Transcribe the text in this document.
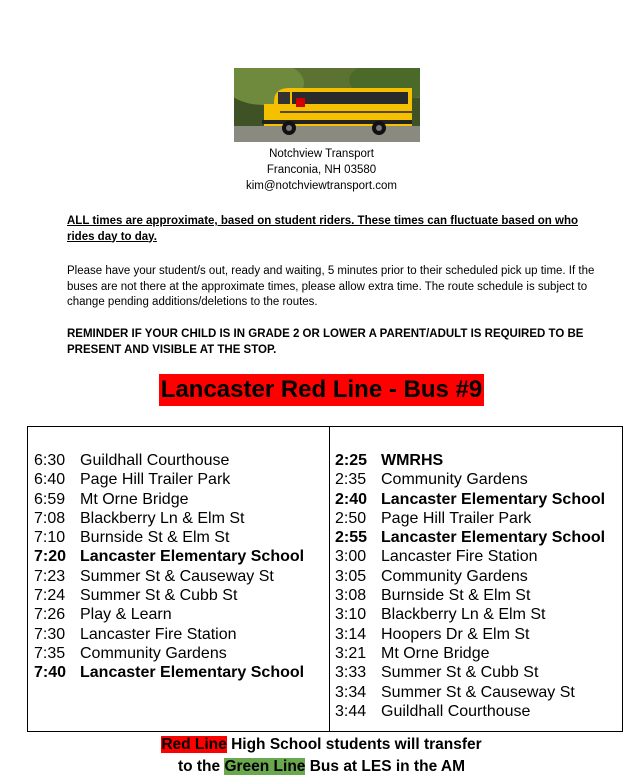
Notchview Transport
Franconia, NH 03580
kim@notchviewtransport.com
ALL times are approximate, based on student riders. These times can fluctuate based on who rides day to day.
Please have your student/s out, ready and waiting, 5 minutes prior to their scheduled pick up time. If the buses are not there at the approximate times, please allow extra time. The route schedule is subject to change pending additions/deletions to the routes.
REMINDER IF YOUR CHILD IS IN GRADE 2 OR LOWER A PARENT/ADULT IS REQUIRED TO BE PRESENT AND VISIBLE AT THE STOP.
Lancaster Red Line - Bus #9
6:30 Guildhall Courthouse
6:40 Page Hill Trailer Park
6:59 Mt Orne Bridge
7:08 Blackberry Ln & Elm St
7:10 Burnside St & Elm St
7:20 Lancaster Elementary School
7:23 Summer St & Causeway St
7:24 Summer St & Cubb St
7:26 Play & Learn
7:30 Lancaster Fire Station
7:35 Community Gardens
7:40 Lancaster Elementary School
2:25 WMRHS
2:35 Community Gardens
2:40 Lancaster Elementary School
2:50 Page Hill Trailer Park
2:55 Lancaster Elementary School
3:00 Lancaster Fire Station
3:05 Community Gardens
3:08 Burnside St & Elm St
3:10 Blackberry Ln & Elm St
3:14 Hoopers Dr & Elm St
3:21 Mt Orne Bridge
3:33 Summer St & Cubb St
3:34 Summer St & Causeway St
3:44 Guildhall Courthouse
Red Line High School students will transfer
to the Green Line Bus at LES in the AM
